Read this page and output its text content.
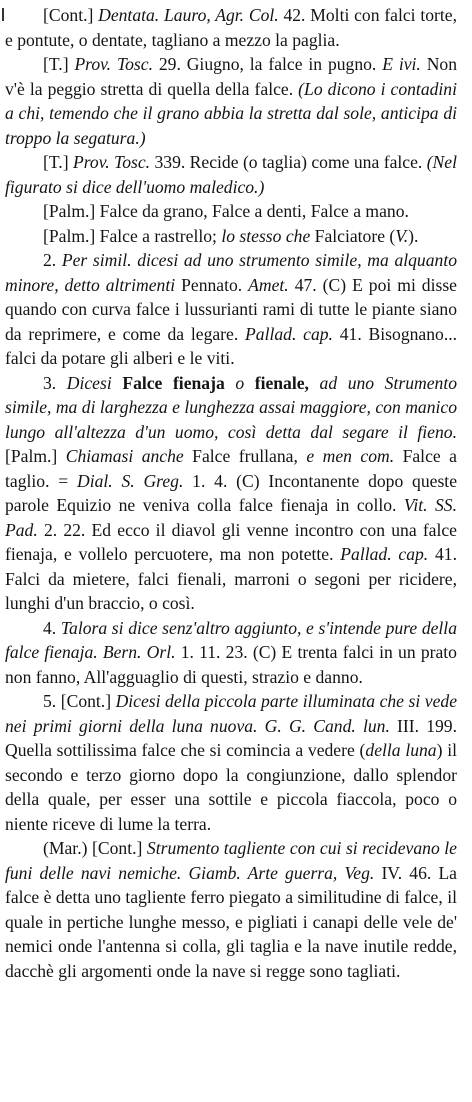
[Cont.] Dentata. Lauro, Agr. Col. 42. Molti con falci torte, e pontute, o dentate, tagliano a mezzo la paglia.

[T.] Prov. Tosc. 29. Giugno, la falce in pugno. E ivi. Non v'è la peggio stretta di quella della falce. (Lo dicono i contadini a chi, temendo che il grano abbia la stretta dal sole, anticipa di troppo la segatura.)

[T.] Prov. Tosc. 339. Recide (o taglia) come una falce. (Nel figurato si dice dell'uomo maledico.)

[Palm.] Falce da grano, Falce a denti, Falce a mano.

[Palm.] Falce a rastrello; lo stesso che Falciatore (V.).

2. Per simil. dicesi ad uno strumento simile, ma alquanto minore, detto altrimenti Pennato. Amet. 47. (C) E poi mi disse quando con curva falce i lussurianti rami di tutte le piante siano da reprimere, e come da legare. Pallad. cap. 41. Bisognano... falci da potare gli alberi e le viti.

3. Dicesi Falce fienaja o fienale, ad uno Strumento simile, ma di larghezza e lunghezza assai maggiore, con manico lungo all'altezza d'un uomo, così detta dal segare il fieno. [Palm.] Chiamasi anche Falce frullana, e men com. Falce a taglio. = Dial. S. Greg. 1. 4. (C) Incontanente dopo queste parole Equizio ne veniva colla falce fienaja in collo. Vit. SS. Pad. 2. 22. Ed ecco il diavol gli venne incontro con una falce fienaja, e vollelo percuotere, ma non potette. Pallad. cap. 41. Falci da mietere, falci fienali, marroni o segoni per ricidere, lunghi d'un braccio, o così.

4. Talora si dice senz'altro aggiunto, e s'intende pure della falce fienaja. Bern. Orl. 1. 11. 23. (C) E trenta falci in un prato non fanno, All'agguaglio di questi, strazio e danno.

5. [Cont.] Dicesi della piccola parte illuminata che si vede nei primi giorni della luna nuova. G. G. Cand. lun. III. 199. Quella sottilissima falce che si comincia a vedere (della luna) il secondo e terzo giorno dopo la congiunzione, dallo splendor della quale, per esser una sottile e piccola fiaccola, poco o niente riceve di lume la terra.

(Mar.) [Cont.] Strumento tagliente con cui si recidevano le funi delle navi nemiche. Giamb. Arte guerra, Veg. IV. 46. La falce è detta uno tagliente ferro piegato a similitudine di falce, il quale in pertiche lunghe messo, e pigliati i canapi delle vele de' nemici onde l'antenna si colla, gli taglia e la nave inutile redde, dacchè gli argomenti onde la nave si regge sono tagliati.
